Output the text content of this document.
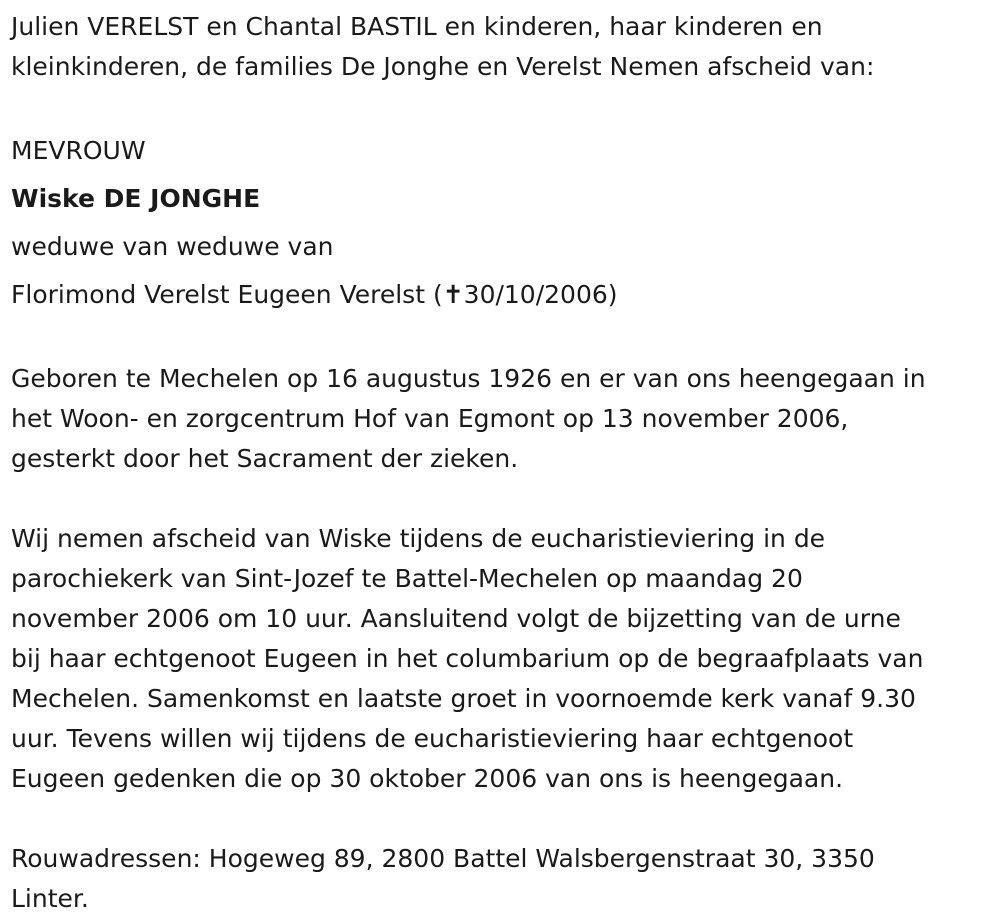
Julien VERELST en Chantal BASTIL en kinderen, haar kinderen en
kleinkinderen, de families De Jonghe en Verelst Nemen afscheid van:
MEVROUW
Wiske DE JONGHE
weduwe van weduwe van
Florimond Verelst Eugeen Verelst (✝30/10/2006)
Geboren te Mechelen op 16 augustus 1926 en er van ons heengegaan in
het Woon- en zorgcentrum Hof van Egmont op 13 november 2006,
gesterkt door het Sacrament der zieken.
Wij nemen afscheid van Wiske tijdens de eucharistieviering in de
parochiekerk van Sint-Jozef te Battel-Mechelen op maandag 20
november 2006 om 10 uur. Aansluitend volgt de bijzetting van de urne
bij haar echtgenoot Eugeen in het columbarium op de begraafplaats van
Mechelen. Samenkomst en laatste groet in voornoemde kerk vanaf 9.30
uur. Tevens willen wij tijdens de eucharistieviering haar echtgenoot
Eugeen gedenken die op 30 oktober 2006 van ons is heengegaan.
Rouwadressen: Hogeweg 89, 2800 Battel Walsbergenstraat 30, 3350
Linter.
